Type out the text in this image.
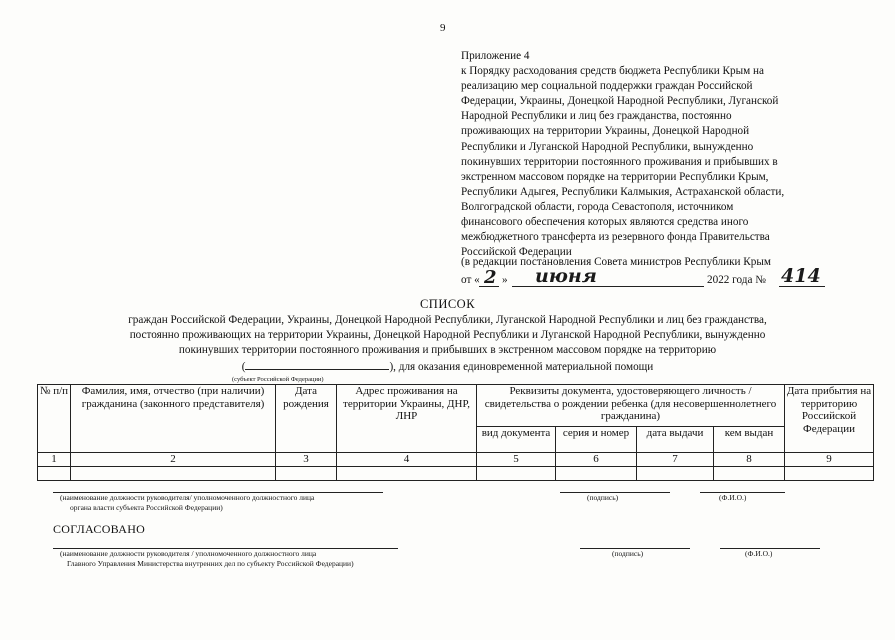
9
Приложение 4
к Порядку расходования средств бюджета Республики Крым на
реализацию мер социальной поддержки граждан Российской
Федерации, Украины, Донецкой Народной Республики, Луганской
Народной Республики и лиц без гражданства, постоянно
проживающих на территории Украины, Донецкой Народной
Республики и Луганской Народной Республики, вынужденно
покинувших территории постоянного проживания и прибывших в
экстренном массовом порядке на территории Республики Крым,
Республики Адыгея, Республики Калмыкия, Астраханской области,
Волгоградской области, города Севастополя, источником
финансового обеспечения которых являются средства иного
межбюджетного трансферта из резервного фонда Правительства
Российской Федерации
(в редакции постановления Совета министров Республики Крым
от « 2 » июня	2022 года № 414
СПИСОК
граждан Российской Федерации, Украины, Донецкой Народной Республики, Луганской Народной Республики и лиц без гражданства,
постоянно проживающих на территории Украины, Донецкой Народной Республики и Луганской Народной Республики, вынужденно
покинувших территории постоянного проживания и прибывших в экстренном массовом порядке на территорию
(	), для оказания единовременной материальной помощи
(субъект Российской Федерации)
№ п/п	Фамилия, имя, отчество (при наличии) гражданина (законного представителя)	Дата рождения	Адрес проживания на территории Украины, ДНР, ЛНР	Реквизиты документа, удостоверяющего личность / свидетельства о рождении ребенка (для несовершеннолетнего гражданина)				Дата прибытия на территорию Российской Федерации
				вид документа	серия и номер	дата выдачи	кем выдан	
1	2	3	4	5	6	7	8	9

(наименование должности руководителя/ уполномоченного должностного лица
органа власти субъекта Российской Федерации)
(подпись)	(Ф.И.О.)
СОГЛАСОВАНО
(наименование должности руководителя / уполномоченного должностного лица
Главного Управления Министерства внутренних дел по субъекту Российской Федерации)
(подпись)	(Ф.И.О.)
